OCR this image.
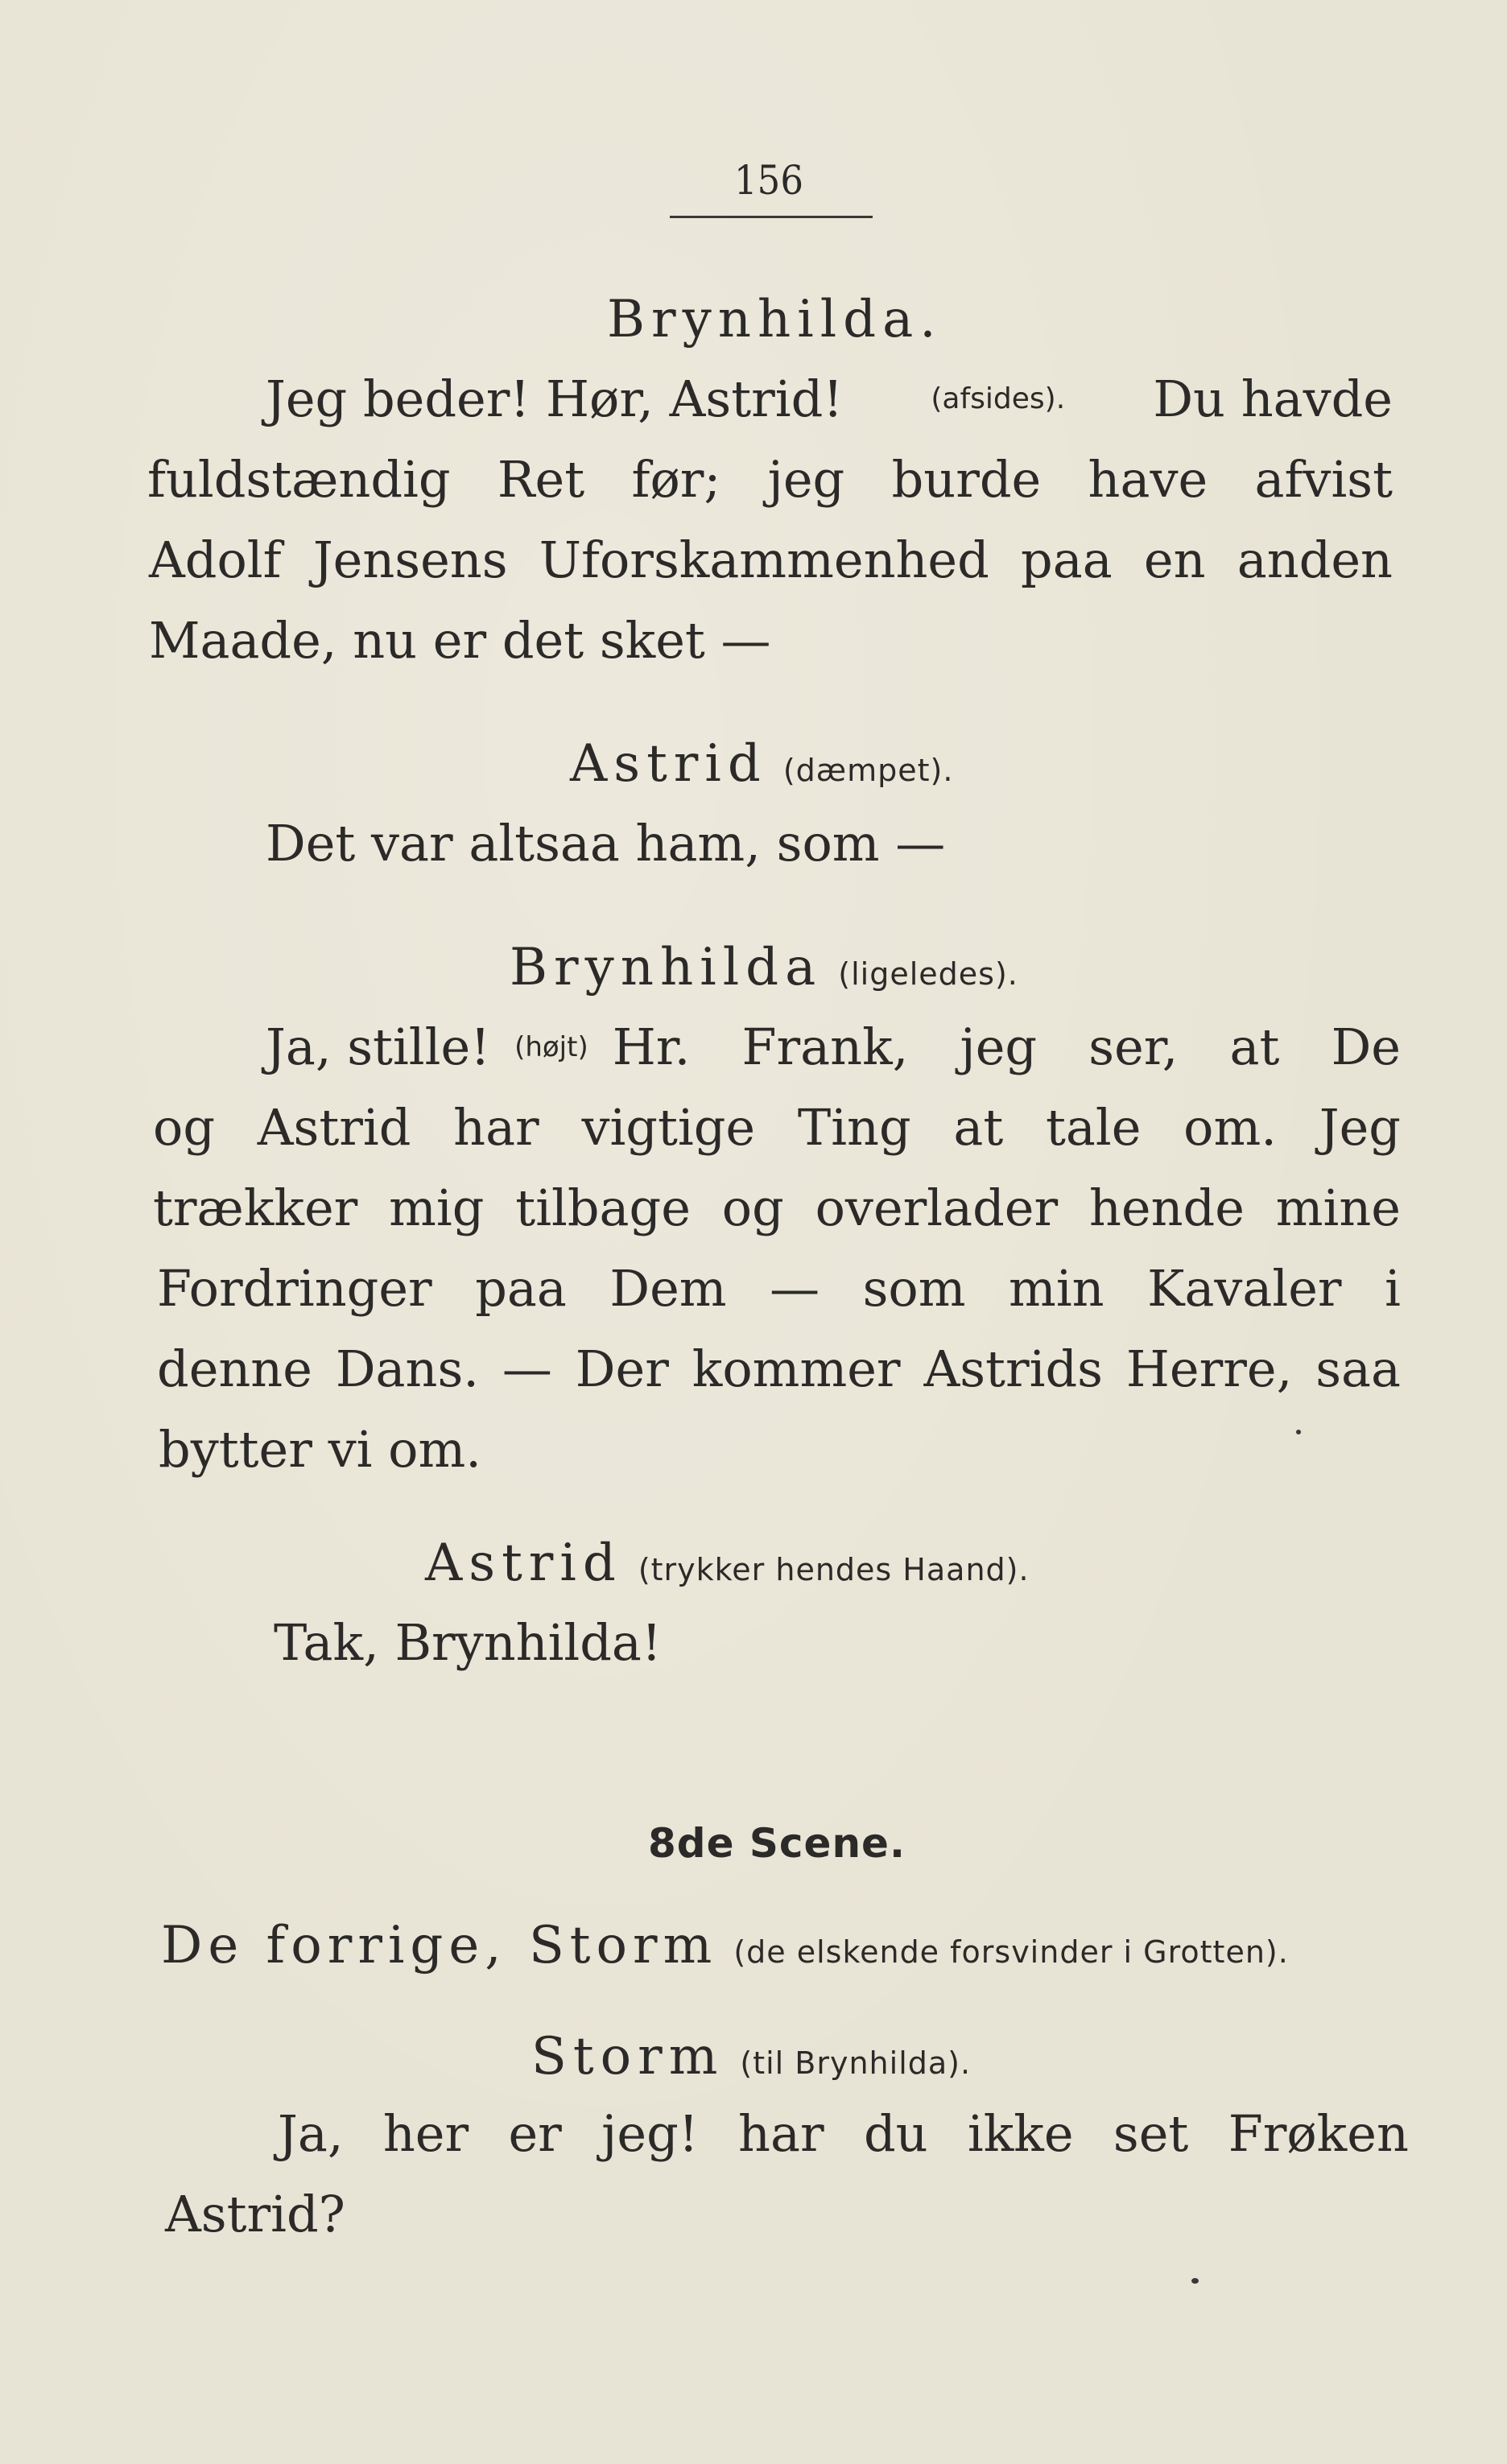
156
Brynhilda.
Jeg beder! Hør, Astrid!	(afsides). Du havde
fuldstændig Ret før; jeg burde have afvist
Adolf Jensens Uforskammenhed paa en anden
Maade, nu er det sket —
Astrid (dæmpet).
Det var altsaa ham, som —
Brynhilda (ligeledes).
Ja, stille! (højt) Hr. Frank, jeg ser, at De
og Astrid har vigtige Ting at tale om. Jeg
trækker mig tilbage og overlader hende mine
Fordringer paa Dem — som min Kavaler i
denne Dans. — Der kommer Astrids Herre, saa
bytter vi om.
Astrid (trykker hendes Haand).
Tak, Brynhilda!
8de Scene.
De forrige, Storm (de elskende forsvinder i Grotten).
Storm (til Brynhilda).
Ja, her er jeg! har du ikke set Frøken
Astrid?
